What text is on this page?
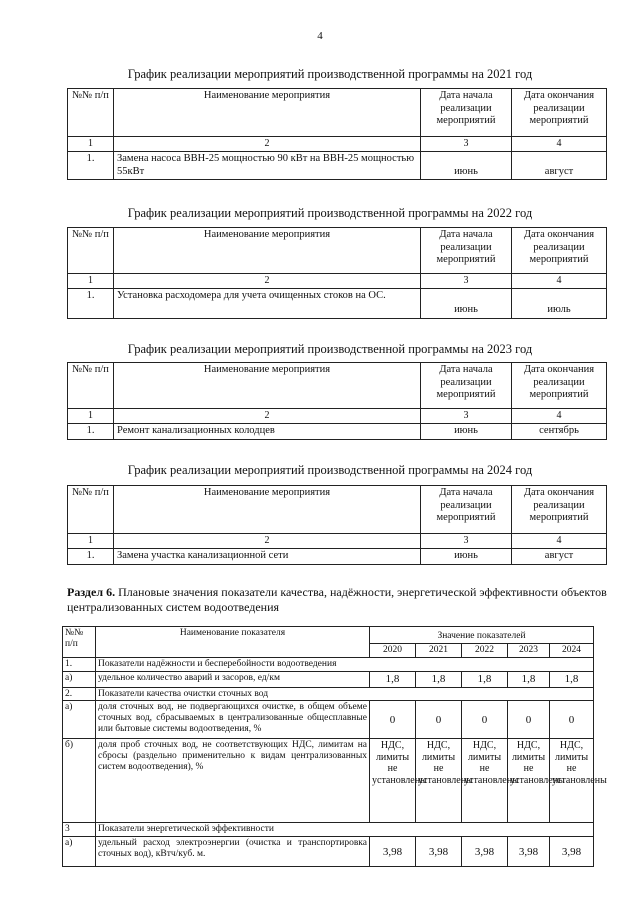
4
График реализации мероприятий производственной программы на 2021 год
№№ п/п	Наименование мероприятия	Дата начала реализации мероприятий	Дата окончания реализации мероприятий
1	2	3	4
1.	Замена насоса ВВН-25 мощностью 90 кВт на ВВН-25 мощностью 55кВт	июнь	август
График реализации мероприятий производственной программы на 2022 год
№№ п/п	Наименование мероприятия	Дата начала реализации мероприятий	Дата окончания реализации мероприятий
1	2	3	4
1.	Установка расходомера для учета очищенных стоков на ОС.	июнь	июль
График реализации мероприятий производственной программы на 2023 год
№№ п/п	Наименование мероприятия	Дата начала реализации мероприятий	Дата окончания реализации мероприятий
1	2	3	4
1.	Ремонт канализационных колодцев	июнь	сентябрь
График реализации мероприятий производственной программы на 2024 год
№№ п/п	Наименование мероприятия	Дата начала реализации мероприятий	Дата окончания реализации мероприятий
1	2	3	4
1.	Замена участка канализационной сети	июнь	август
Раздел 6. Плановые значения показатели качества, надёжности, энергетической эффективности объектов централизованных систем водоотведения
№№ п/п	Наименование показателя	Значение показателей				
		2020	2021	2022	2023	2024
1.	Показатели надёжности и бесперебойности водоотведения					
а)	удельное количество аварий и засоров, ед/км	1,8	1,8	1,8	1,8	1,8
2.	Показатели качества очистки сточных вод					
а)	доля сточных вод, не подвергающихся очистке, в общем объеме сточных вод, сбрасываемых в централизованные общесплавные или бытовые системы водоотведения, %	0	0	0	0	0
б)	доля проб сточных вод, не соответствующих НДС, лимитам на сбросы (раздельно применительно к видам централизованных систем водоотведения), %	НДС, лимиты не установлены	НДС, лимиты не установлены	НДС, лимиты не установлены	НДС, лимиты не установлены	НДС, лимиты не установлены
3	Показатели энергетической эффективности					
а)	удельный расход электроэнергии (очистка и транспортировка сточных вод), кВтч/куб. м.	3,98	3,98	3,98	3,98	3,98
